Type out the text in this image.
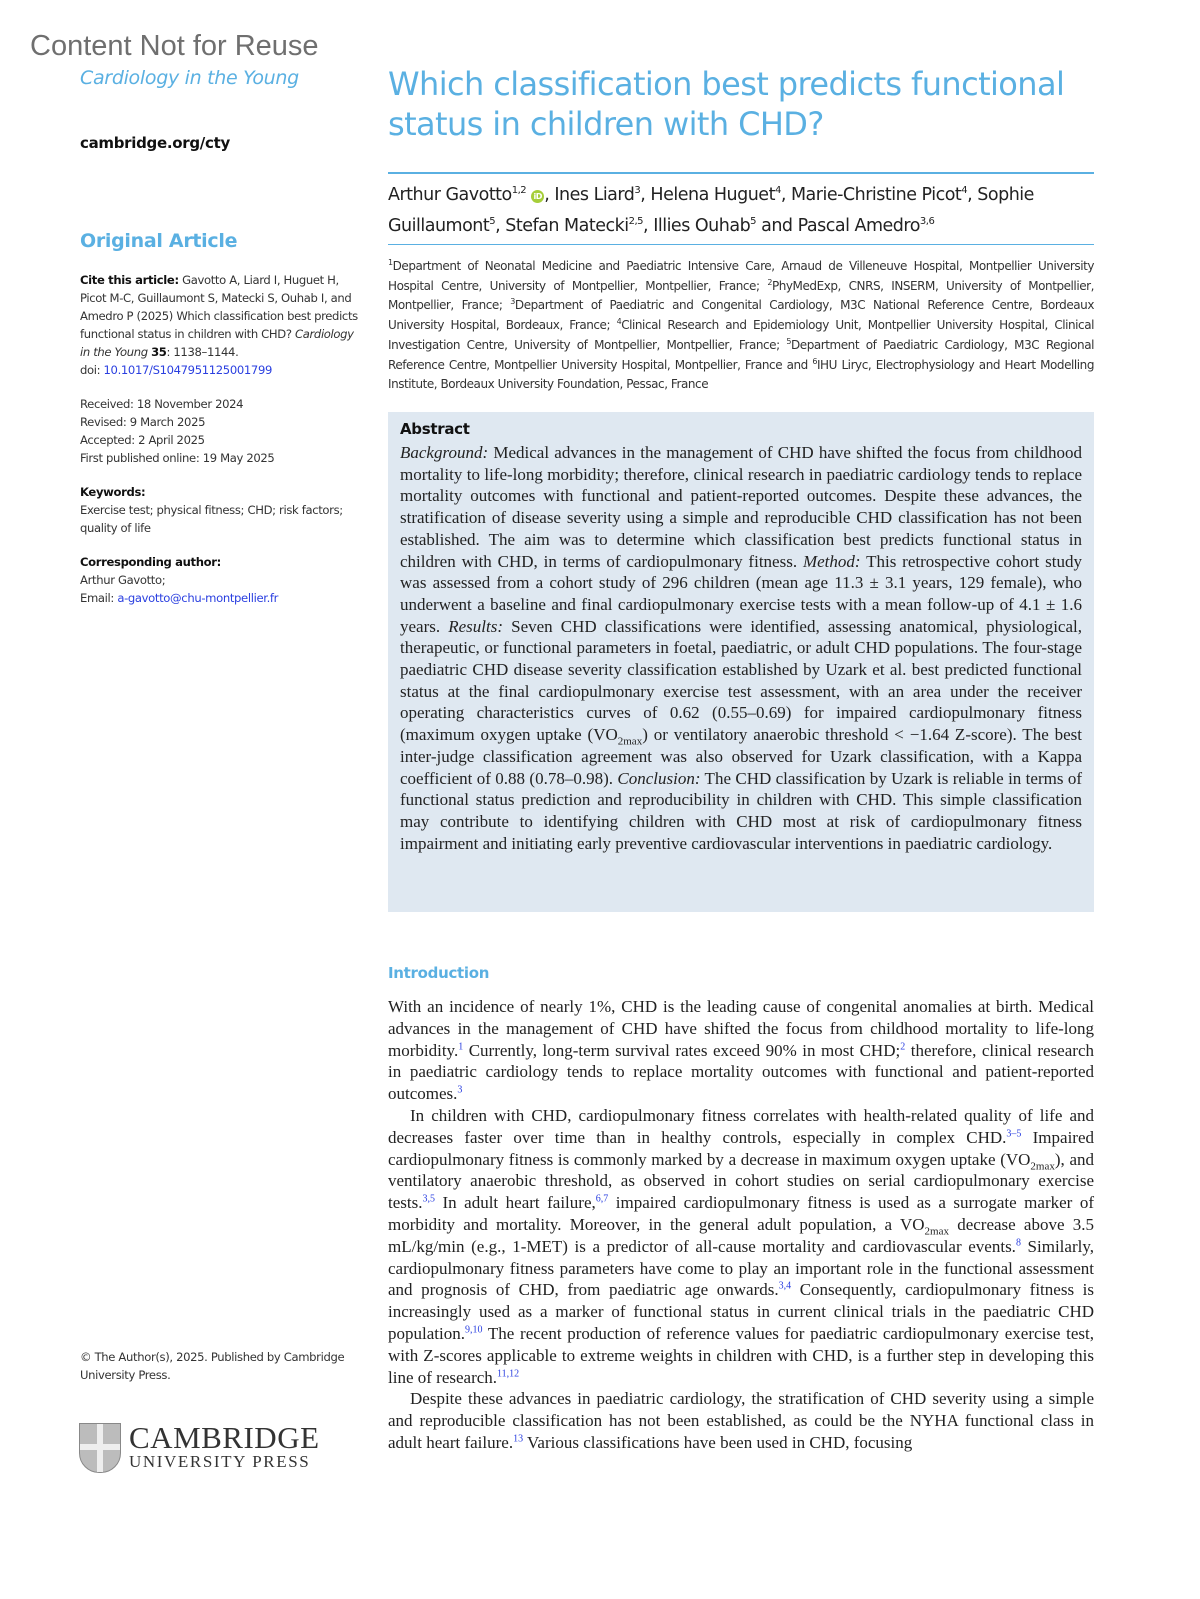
Content Not for Reuse
Cardiology in the Young
cambridge.org/cty
Original Article

Cite this article: Gavotto A, Liard I, Huguet H, Picot M-C, Guillaumont S, Matecki S, Ouhab I, and Amedro P (2025) Which classification best predicts functional status in children with CHD? Cardiology in the Young 35: 1138–1144.
doi: 10.1017/S1047951125001799

Received: 18 November 2024
Revised: 9 March 2025
Accepted: 2 April 2025
First published online: 19 May 2025

Keywords:
Exercise test; physical fitness; CHD; risk factors; quality of life

Corresponding author:
Arthur Gavotto;
Email: a-gavotto@chu-montpellier.fr

© The Author(s), 2025. Published by Cambridge University Press.
CAMBRIDGE
UNIVERSITY PRESS
Which classification best predicts functional status in children with CHD?
Arthur Gavotto$^{1,2}$ iD , Ines Liard$^3$, Helena Huguet$^4$, Marie-Christine Picot$^4$, Sophie Guillaumont$^5$, Stefan Matecki$^{2,5}$, Illies Ouhab$^5$ and Pascal Amedro$^{3,6}$
$^1$Department of Neonatal Medicine and Paediatric Intensive Care, Arnaud de Villeneuve Hospital, Montpellier University Hospital Centre, University of Montpellier, Montpellier, France; $^2$PhyMedExp, CNRS, INSERM, University of Montpellier, Montpellier, France; $^3$Department of Paediatric and Congenital Cardiology, M3C National Reference Centre, Bordeaux University Hospital, Bordeaux, France; $^4$Clinical Research and Epidemiology Unit, Montpellier University Hospital, Clinical Investigation Centre, University of Montpellier, Montpellier, France; $^5$Department of Paediatric Cardiology, M3C Regional Reference Centre, Montpellier University Hospital, Montpellier, France and $^6$IHU Liryc, Electrophysiology and Heart Modelling Institute, Bordeaux University Foundation, Pessac, France
Abstract
Background: Medical advances in the management of CHD have shifted the focus from childhood mortality to life-long morbidity; therefore, clinical research in paediatric cardiology tends to replace mortality outcomes with functional and patient-reported outcomes. Despite these advances, the stratification of disease severity using a simple and reproducible CHD classification has not been established. The aim was to determine which classification best predicts functional status in children with CHD, in terms of cardiopulmonary fitness. Method: This retrospective cohort study was assessed from a cohort study of 296 children (mean age 11.3 ± 3.1 years, 129 female), who underwent a baseline and final cardiopulmonary exercise tests with a mean follow-up of 4.1 ± 1.6 years. Results: Seven CHD classifications were identified, assessing anatomical, physiological, therapeutic, or functional parameters in foetal, paediatric, or adult CHD populations. The four-stage paediatric CHD disease severity classification established by Uzark et al. best predicted functional status at the final cardiopulmonary exercise test assessment, with an area under the receiver operating characteristics curves of 0.62 (0.55–0.69) for impaired cardiopulmonary fitness (maximum oxygen uptake $(VO_{2max})$ or ventilatory anaerobic threshold < −1.64 Z-score). The best inter-judge classification agreement was also observed for Uzark classification, with a Kappa coefficient of 0.88 (0.78–0.98). Conclusion: The CHD classification by Uzark is reliable in terms of functional status prediction and reproducibility in children with CHD. This simple classification may contribute to identifying children with CHD most at risk of cardiopulmonary fitness impairment and initiating early preventive cardiovascular interventions in paediatric cardiology.
Introduction

With an incidence of nearly 1%, CHD is the leading cause of congenital anomalies at birth. Medical advances in the management of CHD have shifted the focus from childhood mortality to life-long morbidity.$^1$ Currently, long-term survival rates exceed 90% in most CHD;$^2$ therefore, clinical research in paediatric cardiology tends to replace mortality outcomes with functional and patient-reported outcomes.$^3$

In children with CHD, cardiopulmonary fitness correlates with health-related quality of life and decreases faster over time than in healthy controls, especially in complex CHD.$^{3-5}$ Impaired cardiopulmonary fitness is commonly marked by a decrease in maximum oxygen uptake $(VO_{2max})$, and ventilatory anaerobic threshold, as observed in cohort studies on serial cardiopulmonary exercise tests.$^{3,5}$ In adult heart failure,$^{6,7}$ impaired cardiopulmonary fitness is used as a surrogate marker of morbidity and mortality. Moreover, in the general adult population, a $VO_{2max}$ decrease above 3.5 mL/kg/min (e.g., 1-MET) is a predictor of all-cause mortality and cardiovascular events.$^8$ Similarly, cardiopulmonary fitness parameters have come to play an important role in the functional assessment and prognosis of CHD, from paediatric age onwards.$^{3,4}$ Consequently, cardiopulmonary fitness is increasingly used as a marker of functional status in current clinical trials in the paediatric CHD population.$^{9,10}$ The recent production of reference values for paediatric cardiopulmonary exercise test, with Z-scores applicable to extreme weights in children with CHD, is a further step in developing this line of research.$^{11,12}$

Despite these advances in paediatric cardiology, the stratification of CHD severity using a simple and reproducible classification has not been established, as could be the NYHA functional class in adult heart failure.$^{13}$ Various classifications have been used in CHD, focusing
